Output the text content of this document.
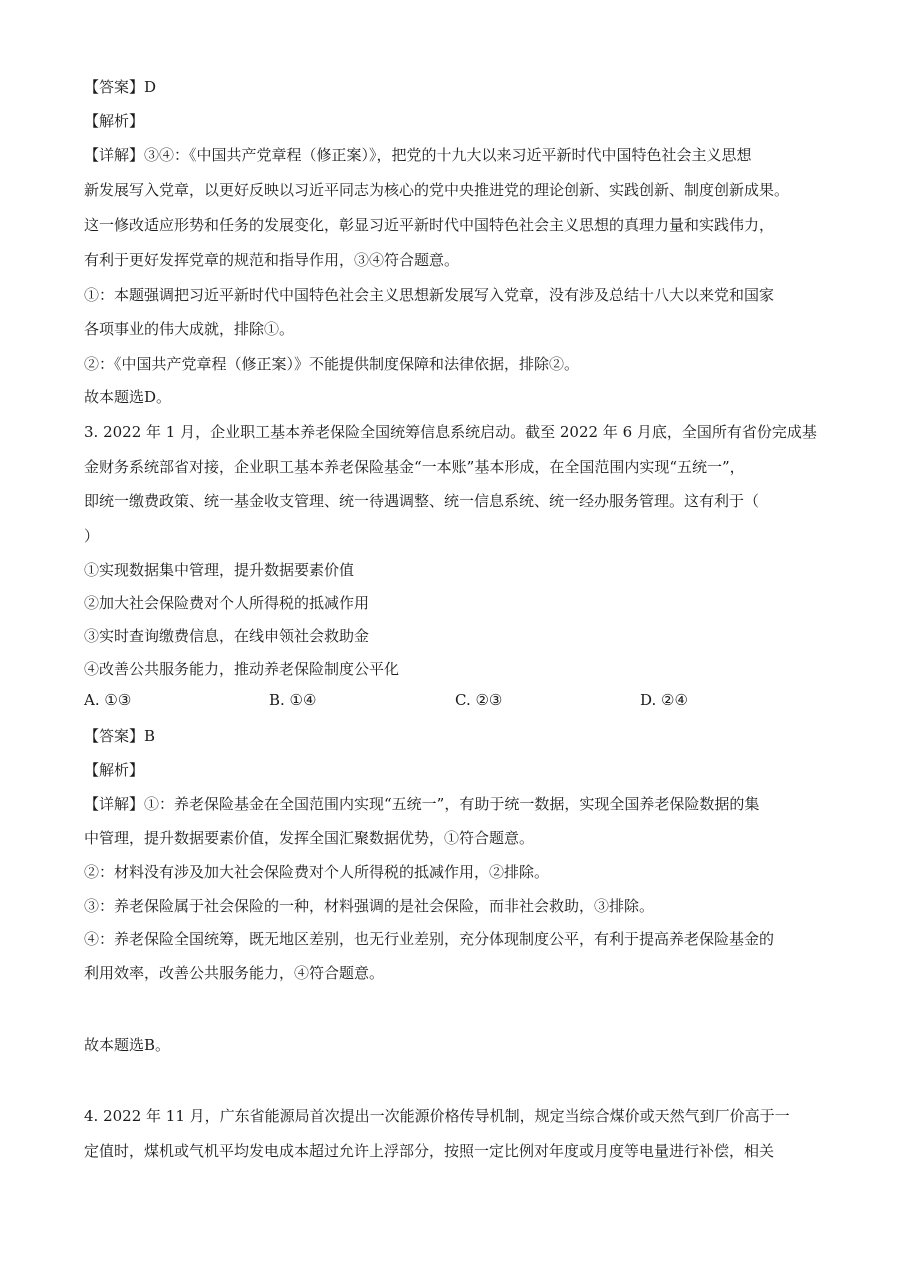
【答案】D
【解析】
【详解】③④：《中国共产党章程（修正案）》，把党的十九大以来习近平新时代中国特色社会主义思想
新发展写入党章，以更好反映以习近平同志为核心的党中央推进党的理论创新、实践创新、制度创新成果。
这一修改适应形势和任务的发展变化，彰显习近平新时代中国特色社会主义思想的真理力量和实践伟力，
有利于更好发挥党章的规范和指导作用，③④符合题意。
①：本题强调把习近平新时代中国特色社会主义思想新发展写入党章，没有涉及总结十八大以来党和国家
各项事业的伟大成就，排除①。
②：《中国共产党章程（修正案）》不能提供制度保障和法律依据，排除②。
故本题选D。
3. 2022 年 1 月，企业职工基本养老保险全国统筹信息系统启动。截至 2022 年 6 月底，全国所有省份完成基
金财务系统部省对接，企业职工基本养老保险基金“一本账”基本形成，在全国范围内实现“五统一”，
即统一缴费政策、统一基金收支管理、统一待遇调整、统一信息系统、统一经办服务管理。这有利于（
）
①实现数据集中管理，提升数据要素价值
②加大社会保险费对个人所得税的抵减作用
③实时查询缴费信息，在线申领社会救助金
④改善公共服务能力，推动养老保险制度公平化
A. ①③	B. ①④	C. ②③	D. ②④
【答案】B
【解析】
【详解】①：养老保险基金在全国范围内实现“五统一”，有助于统一数据，实现全国养老保险数据的集
中管理，提升数据要素价值，发挥全国汇聚数据优势，①符合题意。
②：材料没有涉及加大社会保险费对个人所得税的抵减作用，②排除。
③：养老保险属于社会保险的一种，材料强调的是社会保险，而非社会救助，③排除。
④：养老保险全国统筹，既无地区差别，也无行业差别，充分体现制度公平，有利于提高养老保险基金的
利用效率，改善公共服务能力，④符合题意。
故本题选B。
4. 2022 年 11 月，广东省能源局首次提出一次能源价格传导机制，规定当综合煤价或天然气到厂价高于一
定值时，煤机或气机平均发电成本超过允许上浮部分，按照一定比例对年度或月度等电量进行补偿，相关
